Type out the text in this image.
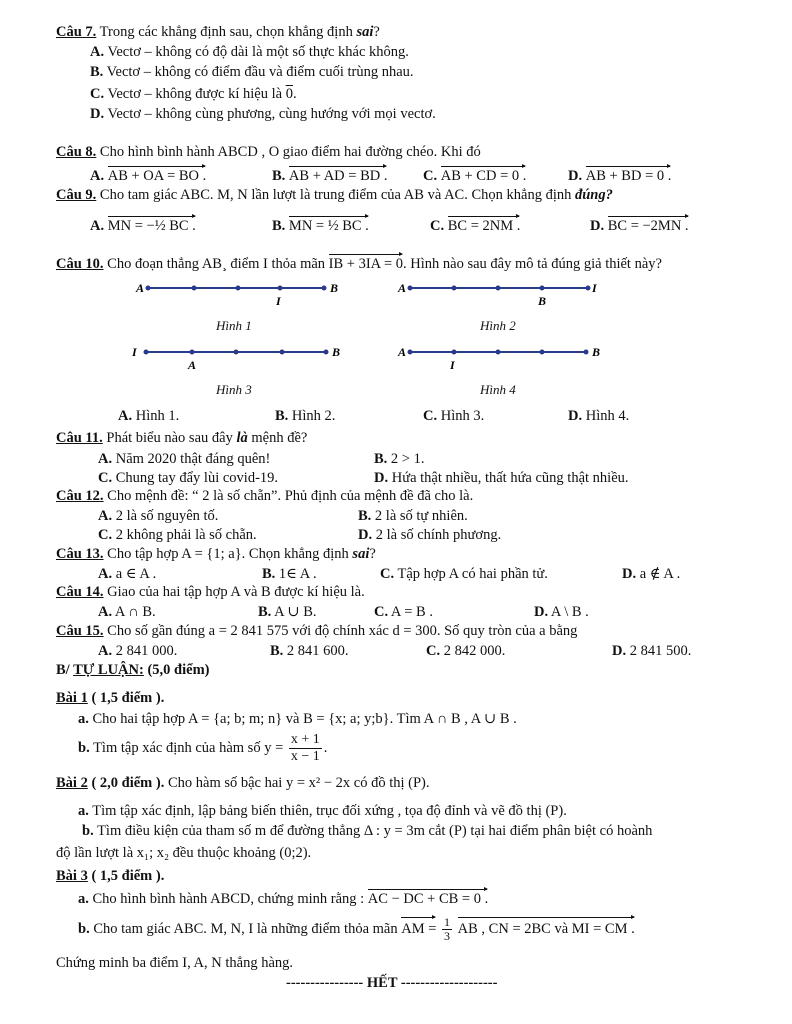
Câu 7. Trong các khẳng định sau, chọn khẳng định sai?
A. Vectơ – không có độ dài là một số thực khác không.
B. Vectơ – không có điểm đầu và điểm cuối trùng nhau.
C. Vectơ – không được kí hiệu là 0.
D. Vectơ – không cùng phương, cùng hướng với mọi vectơ.
Câu 8. Cho hình bình hành ABCD , O giao điểm hai đường chéo. Khi đó
A. AB + OA = BO .	B. AB + AD = BD . C. AB + CD = 0 .	D. AB + BD = 0 .
Câu 9. Cho tam giác ABC. M, N lần lượt là trung điểm của AB và AC. Chọn khẳng định đúng?
A. MN = −½ BC .	B. MN = ½ BC .	C. BC = 2NM .	D. BC = −2MN .
Câu 10. Cho đoạn thẳng AB¸ điểm I thỏa mãn IB + 3IA = 0. Hình nào sau đây mô tả đúng giả thiết này?
A	B
I
Hình 1
A	I
B
Hình 2
I	B
A
Hình 3
A	B
I
Hình 4
A. Hình 1.	B. Hình 2.	C. Hình 3.	D. Hình 4.
Câu 11. Phát biểu nào sau đây là mệnh đề?
A. Năm 2020 thật đáng quên!	B. 2 > 1.
C. Chung tay đẩy lùi covid-19.	D. Hứa thật nhiều, thất hứa cũng thật nhiều.
Câu 12. Cho mệnh đề: “ 2 là số chẵn”. Phủ định của mệnh đề đã cho là.
A. 2 là số nguyên tố.	B. 2 là số tự nhiên.
C. 2 không phải là số chẵn.	D. 2 là số chính phương.
Câu 13. Cho tập hợp A = {1; a}. Chọn khẳng định sai?
A. a ∈ A .	B. 1∈ A .	C. Tập hợp A có hai phần tử.	D. a ∉ A .
Câu 14. Giao của hai tập hợp A và B được kí hiệu là.
A. A ∩ B.	B. A ∪ B.	C. A = B .	D. A \ B .
Câu 15. Cho số gần đúng a = 2 841 575 với độ chính xác d = 300. Số quy tròn của a bằng
A. 2 841 000.	B. 2 841 600.	C. 2 842 000.	D. 2 841 500.
B/ TỰ LUẬN: (5,0 điểm)
Bài 1 ( 1,5 điểm ).
a. Cho hai tập hợp A = {a; b; m; n} và B = {x; a; y;b}. Tìm A ∩ B , A ∪ B .
b. Tìm tập xác định của hàm số $y = \frac{x + 1}{x - 1}$ .
Bài 2 ( 2,0 điểm ). Cho hàm số bậc hai y = x² − 2x có đồ thị (P).
a. Tìm tập xác định, lập bảng biến thiên, trục đối xứng , tọa độ đỉnh và vẽ đồ thị (P).
b. Tìm điều kiện của tham số m để đường thẳng Δ : y = 3m cắt (P) tại hai điểm phân biệt có hoành
độ lần lượt là x₁; x₂ đều thuộc khoảng (0;2).
Bài 3 ( 1,5 điểm ).
a. Cho hình bình hành ABCD, chứng minh rằng : AC − DC + CB = 0 .
b. Cho tam giác ABC. M, N, I là những điểm thỏa mãn AM = $\frac{1}{3}$ AB , CN = 2BC và MI = CM .
Chứng minh ba điểm I, A, N thẳng hàng.
---------------- HẾT --------------------
